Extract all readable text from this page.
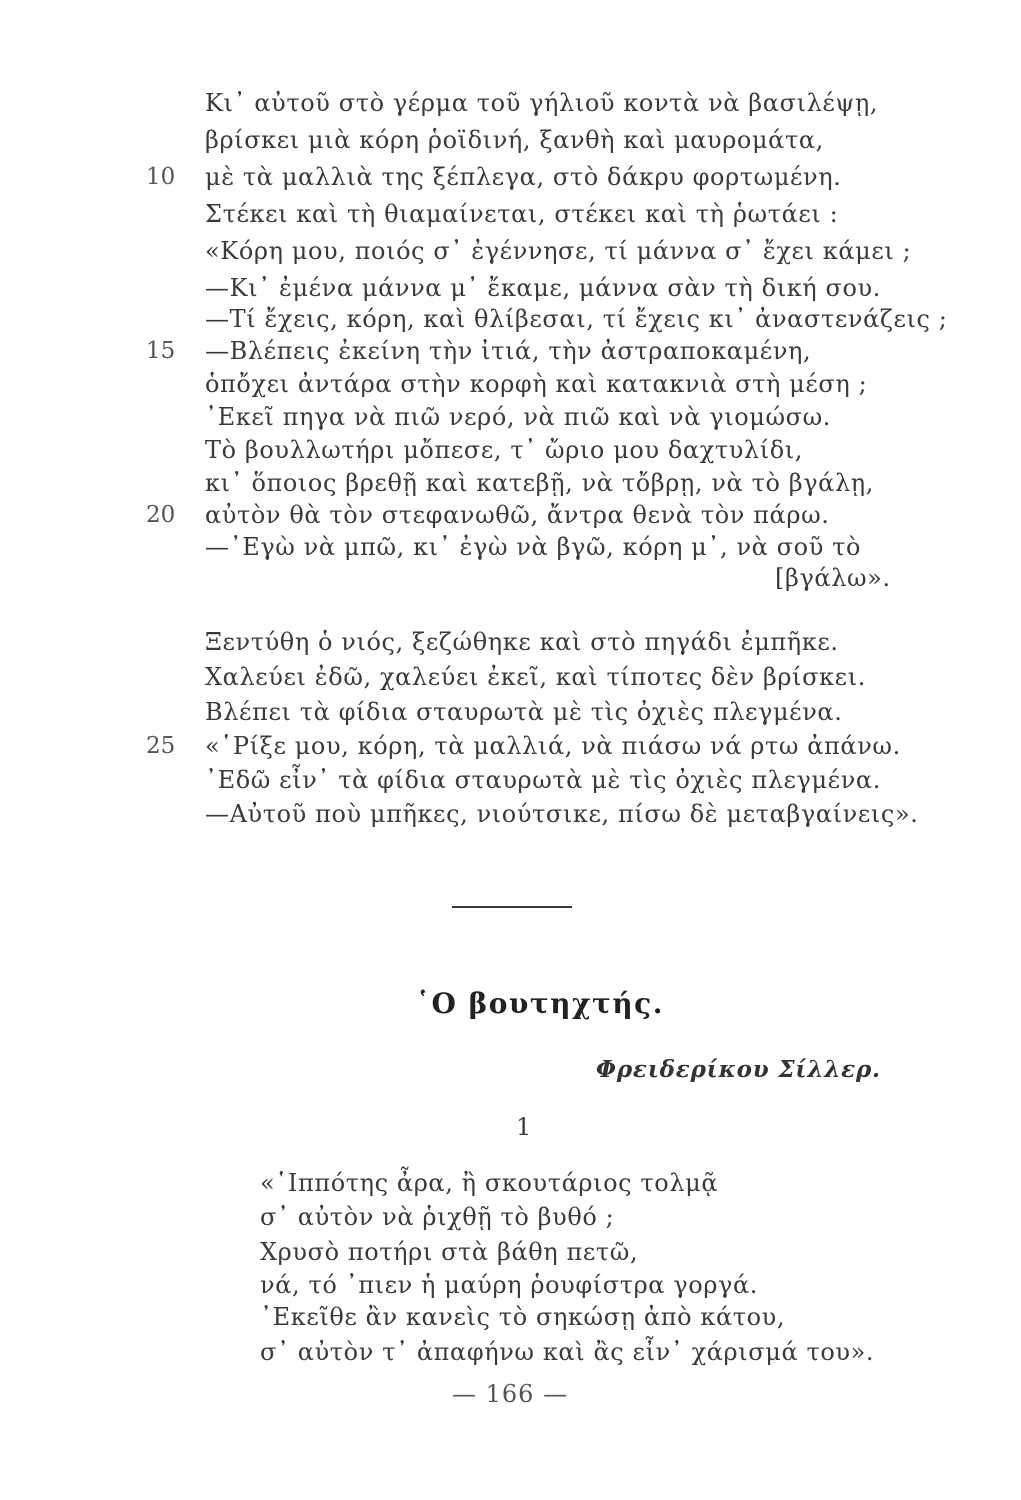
Κι᾽ αὐτοῦ στὸ γέρμα τοῦ γήλιοῦ κοντὰ νὰ βασιλέψῃ,
βρίσκει μιὰ κόρη ῥοϊδινή, ξανθὴ καὶ μαυρομάτα,
10	μὲ τὰ μαλλιὰ της ξέπλεγα, στὸ δάκρυ φορτωμένη.
Στέκει καὶ τὴ θιαμαίνεται, στέκει καὶ τὴ ῥωτάει :
«Κόρη μου, ποιός σ᾽ ἐγέννησε, τί μάννα σ᾽ ἔχει κάμει ;
—Κι᾽ ἐμένα μάννα μ᾽ ἔκαμε, μάννα σὰν τὴ δική σου.
—Τί ἔχεις, κόρη, καὶ θλίβεσαι, τί ἔχεις κι᾽ ἀναστενάζεις ;
15	—Βλέπεις ἐκείνη τὴν ἰτιά, τὴν ἀστραποκαμένη,
ὁπὄχει ἀντάρα στὴν κορφὴ καὶ κατακνιὰ στὴ μέση ;
᾽Εκεῖ πηγα νὰ πιῶ νερό, νὰ πιῶ καὶ νὰ γιομώσω.
Τὸ βουλλωτήρι μὄπεσε, τ᾽ ὤριο μου δαχτυλίδι,
κι᾽ ὅποιος βρεθῇ καὶ κατεβῇ, νὰ τὄβρῃ, νὰ τὸ βγάλῃ,
20	αὐτὸν θὰ τὸν στεφανωθῶ, ἄντρα θενὰ τὸν πάρω.
—᾽Εγὼ νὰ μπῶ, κι᾽ ἐγὼ νὰ βγῶ, κόρη μ᾽, νὰ σοῦ τὸ
[βγάλω».
Ξεντύθη ὁ νιός, ξεζώθηκε καὶ στὸ πηγάδι ἐμπῆκε.
Χαλεύει ἐδῶ, χαλεύει ἐκεῖ, καὶ τίποτες δὲν βρίσκει.
Βλέπει τὰ φίδια σταυρωτὰ μὲ τὶς ὀχιὲς πλεγμένα.
25	«῾Ρίξε μου, κόρη, τὰ μαλλιά, νὰ πιάσω νά ρτω ἀπάνω.
᾽Εδῶ εἶν᾽ τὰ φίδια σταυρωτὰ μὲ τὶς ὀχιὲς πλεγμένα.
—Αὐτοῦ ποὺ μπῆκες, νιούτσικε, πίσω δὲ μεταβγαίνεις».
῾Ο βουτηχτής.
Φρειδερίκου Σίλλερ.
1
«῾Ιππότης ἆρα, ἢ σκουτάριος τολμᾷ
σ᾽ αὐτὸν νὰ ῥιχθῇ τὸ βυθό ;
Χρυσὸ ποτήρι στὰ βάθη πετῶ,
νά, τό ᾽πιεν ἡ μαύρη ῥουφίστρα γοργά.
᾽Εκεῖθε ἂν κανεὶς τὸ σηκώσῃ ἀπὸ κάτου,
σ᾽ αὐτὸν τ᾽ ἀπαφήνω καὶ ἂς εἶν᾽ χάρισμά του».
— 166 —
